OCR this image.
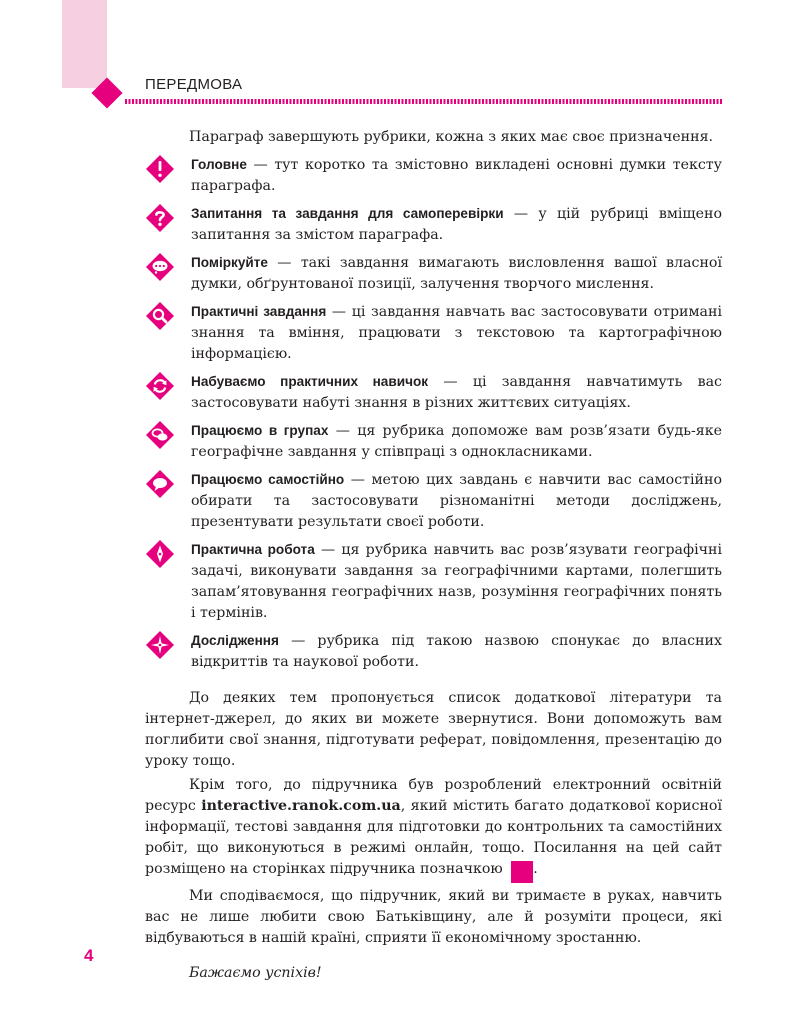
ПЕРЕДМОВА

Параграф завершують рубрики, кожна з яких має своє призначення.

Головне — тут коротко та змістовно викладені основні думки тексту параграфа.
Запитання та завдання для самоперевірки — у цій рубриці вміщено запитання за змістом параграфа.
Поміркуйте — такі завдання вимагають висловлення вашої власної думки, обґрунтованої позиції, залучення творчого мислення.
Практичні завдання — ці завдання навчать вас застосовувати отримані знання та вміння, працювати з текстовою та картографічною інформацією.
Набуваємо практичних навичок — ці завдання навчатимуть вас застосовувати набуті знання в різних життєвих ситуаціях.
Працюємо в групах — ця рубрика допоможе вам розв’язати будь-яке географічне завдання у співпраці з однокласниками.
Працюємо самостійно — метою цих завдань є навчити вас самостійно обирати та застосовувати різноманітні методи досліджень, презентувати результати своєї роботи.
Практична робота — ця рубрика навчить вас розв’язувати географічні задачі, виконувати завдання за географічними картами, полегшить запам’ятовування географічних назв, розуміння географічних понять і термінів.
Дослідження — рубрика під такою назвою спонукає до власних відкриттів та наукової роботи.

До деяких тем пропонується список додаткової літератури та інтернет-джерел, до яких ви можете звернутися. Вони допоможуть вам поглибити свої знання, підготувати реферат, повідомлення, презентацію до уроку тощо.

Крім того, до підручника був розроблений електронний освітній ресурс interactive.ranok.com.ua, який містить багато додаткової корисної інформації, тестові завдання для підготовки до контрольних та самостійних робіт, що виконуються в режимі онлайн, тощо. Посилання на цей сайт розміщено на сторінках підручника позначкою	i.

Ми сподіваємося, що підручник, який ви тримаєте в руках, навчить вас не лише любити свою Батьківщину, але й розуміти процеси, які відбуваються в нашій країні, сприяти її економічному зростанню.

Бажаємо успіхів!

4
